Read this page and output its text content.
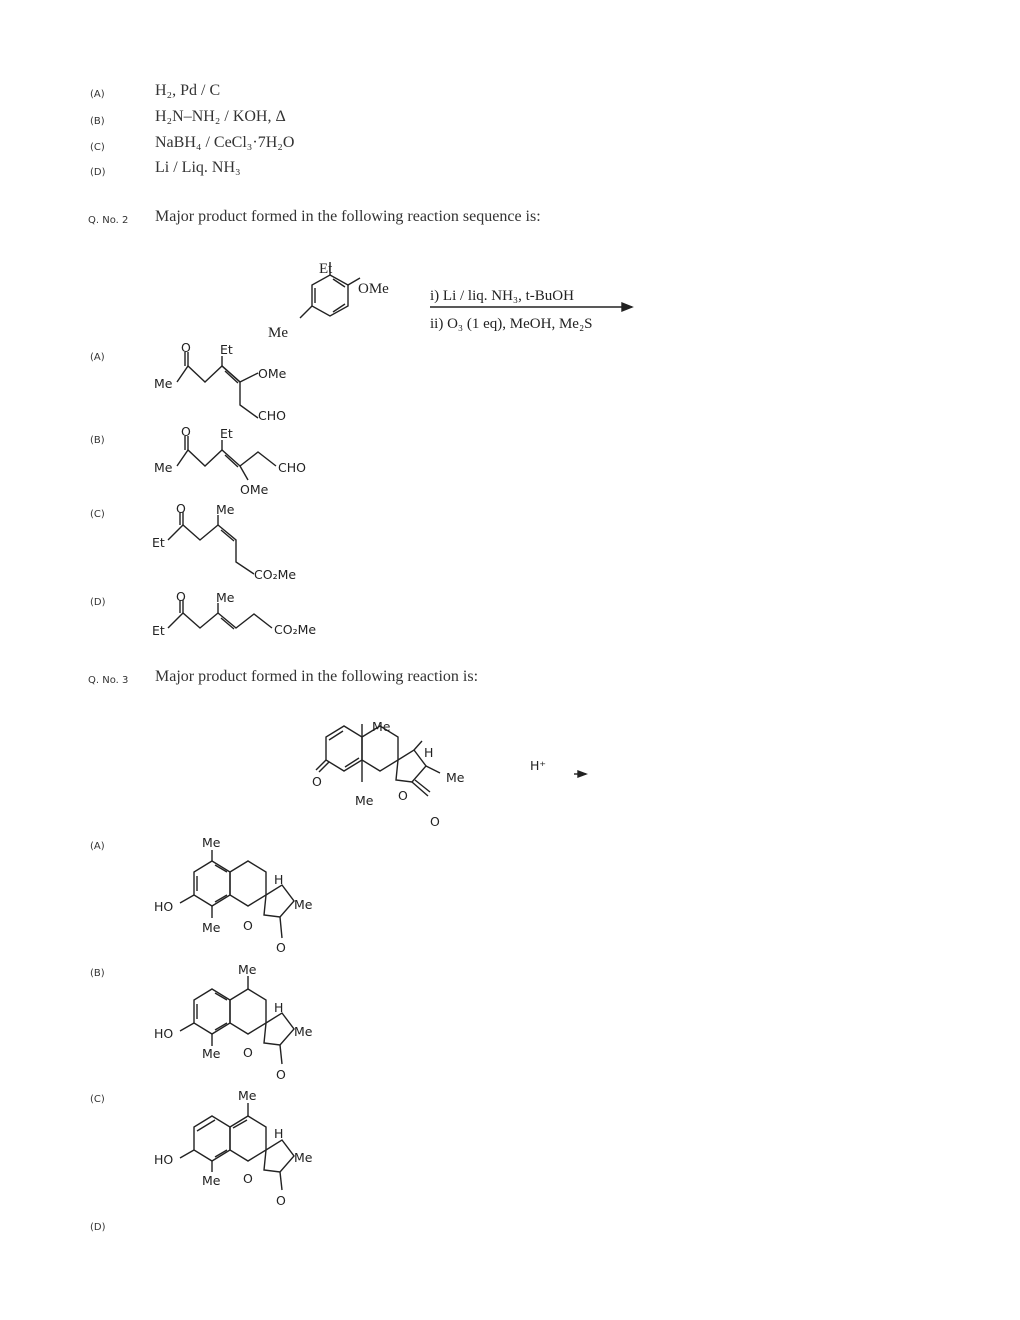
(A)	H₂, Pd / C
(B)	H₂N–NH₂ / KOH, Δ
(C)	NaBH₄ / CeCl₃·7H₂O
(D)	Li / Liq. NH₃
Q. No. 2 Major product formed in the following reaction sequence is:
(A)
(B)
(C)
(D)
Q. No. 3 Major product formed in the following reaction is:
(A)
(B)
(C)
(D)
Et
OMe
Me
i) Li / liq. NH₃, t-BuOH
ii) O₃ (1 eq), MeOH, Me₂S
O Et
Me
OMe
CHO
O Et
Me	CHO
OMe
O Me
Et
CO₂Me
O Me
Et	CO₂Me
Me
H
Me
O
Me O
O
H⁺
Me
H
Me
HO
Me O
O
Me
H
Me
HO
Me O
O
Me
H
Me
HO
Me O
O
